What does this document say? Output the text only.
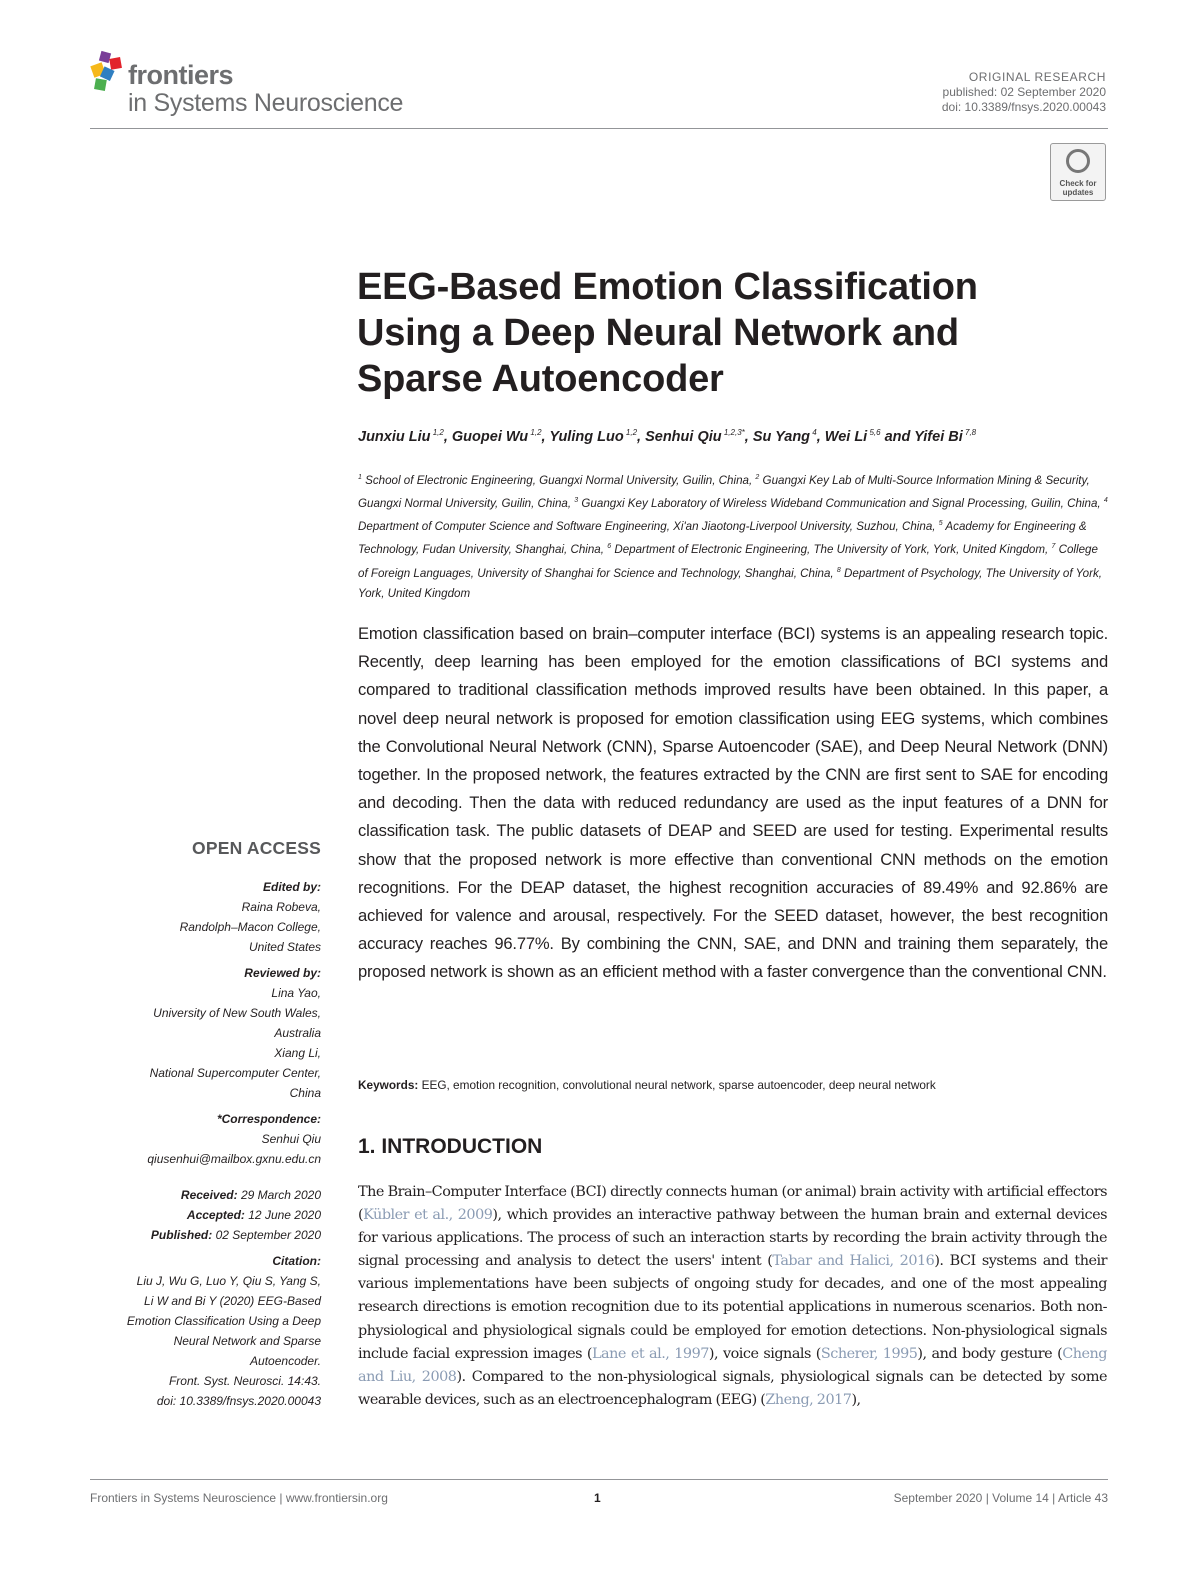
frontiers
in Systems Neuroscience
ORIGINAL RESEARCH
published: 02 September 2020
doi: 10.3389/fnsys.2020.00043
Check for updates
EEG-Based Emotion Classification
Using a Deep Neural Network and
Sparse Autoencoder
Junxiu Liu $^{1,2}$, Guopei Wu $^{1,2}$, Yuling Luo $^{1,2}$, Senhui Qiu $^{1,2,3*}$, Su Yang $^4$, Wei Li $^{5,6}$ and Yifei Bi $^{7,8}$
$^1$ School of Electronic Engineering, Guangxi Normal University, Guilin, China, $^2$ Guangxi Key Lab of Multi-Source Information Mining & Security, Guangxi Normal University, Guilin, China, $^3$ Guangxi Key Laboratory of Wireless Wideband Communication and Signal Processing, Guilin, China, $^4$ Department of Computer Science and Software Engineering, Xi'an Jiaotong-Liverpool University, Suzhou, China, $^5$ Academy for Engineering & Technology, Fudan University, Shanghai, China, $^6$ Department of Electronic Engineering, The University of York, York, United Kingdom, $^7$ College of Foreign Languages, University of Shanghai for Science and Technology, Shanghai, China, $^8$ Department of Psychology, The University of York, York, United Kingdom
Emotion classification based on brain–computer interface (BCI) systems is an appealing research topic. Recently, deep learning has been employed for the emotion classifications of BCI systems and compared to traditional classification methods improved results have been obtained. In this paper, a novel deep neural network is proposed for emotion classification using EEG systems, which combines the Convolutional Neural Network (CNN), Sparse Autoencoder (SAE), and Deep Neural Network (DNN) together. In the proposed network, the features extracted by the CNN are first sent to SAE for encoding and decoding. Then the data with reduced redundancy are used as the input features of a DNN for classification task. The public datasets of DEAP and SEED are used for testing. Experimental results show that the proposed network is more effective than conventional CNN methods on the emotion recognitions. For the DEAP dataset, the highest recognition accuracies of 89.49% and 92.86% are achieved for valence and arousal, respectively. For the SEED dataset, however, the best recognition accuracy reaches 96.77%. By combining the CNN, SAE, and DNN and training them separately, the proposed network is shown as an efficient method with a faster convergence than the conventional CNN.
Keywords: EEG, emotion recognition, convolutional neural network, sparse autoencoder, deep neural network
1. INTRODUCTION
The Brain–Computer Interface (BCI) directly connects human (or animal) brain activity with artificial effectors (Kübler et al., 2009), which provides an interactive pathway between the human brain and external devices for various applications. The process of such an interaction starts by recording the brain activity through the signal processing and analysis to detect the users' intent (Tabar and Halici, 2016). BCI systems and their various implementations have been subjects of ongoing study for decades, and one of the most appealing research directions is emotion recognition due to its potential applications in numerous scenarios. Both non-physiological and physiological signals could be employed for emotion detections. Non-physiological signals include facial expression images (Lane et al., 1997), voice signals (Scherer, 1995), and body gesture (Cheng and Liu, 2008). Compared to the non-physiological signals, physiological signals can be detected by some wearable devices, such as an electroencephalogram (EEG) (Zheng, 2017),
OPEN ACCESS
Edited by:
Raina Robeva,
Randolph–Macon College,
United States
Reviewed by:
Lina Yao,
University of New South Wales,
Australia
Xiang Li,
National Supercomputer Center,
China
*Correspondence:
Senhui Qiu
qiusenhui@mailbox.gxnu.edu.cn
Received: 29 March 2020
Accepted: 12 June 2020
Published: 02 September 2020
Citation:
Liu J, Wu G, Luo Y, Qiu S, Yang S,
Li W and Bi Y (2020) EEG-Based
Emotion Classification Using a Deep
Neural Network and Sparse
Autoencoder.
Front. Syst. Neurosci. 14:43.
doi: 10.3389/fnsys.2020.00043
Frontiers in Systems Neuroscience | www.frontiersin.org	1	September 2020 | Volume 14 | Article 43
